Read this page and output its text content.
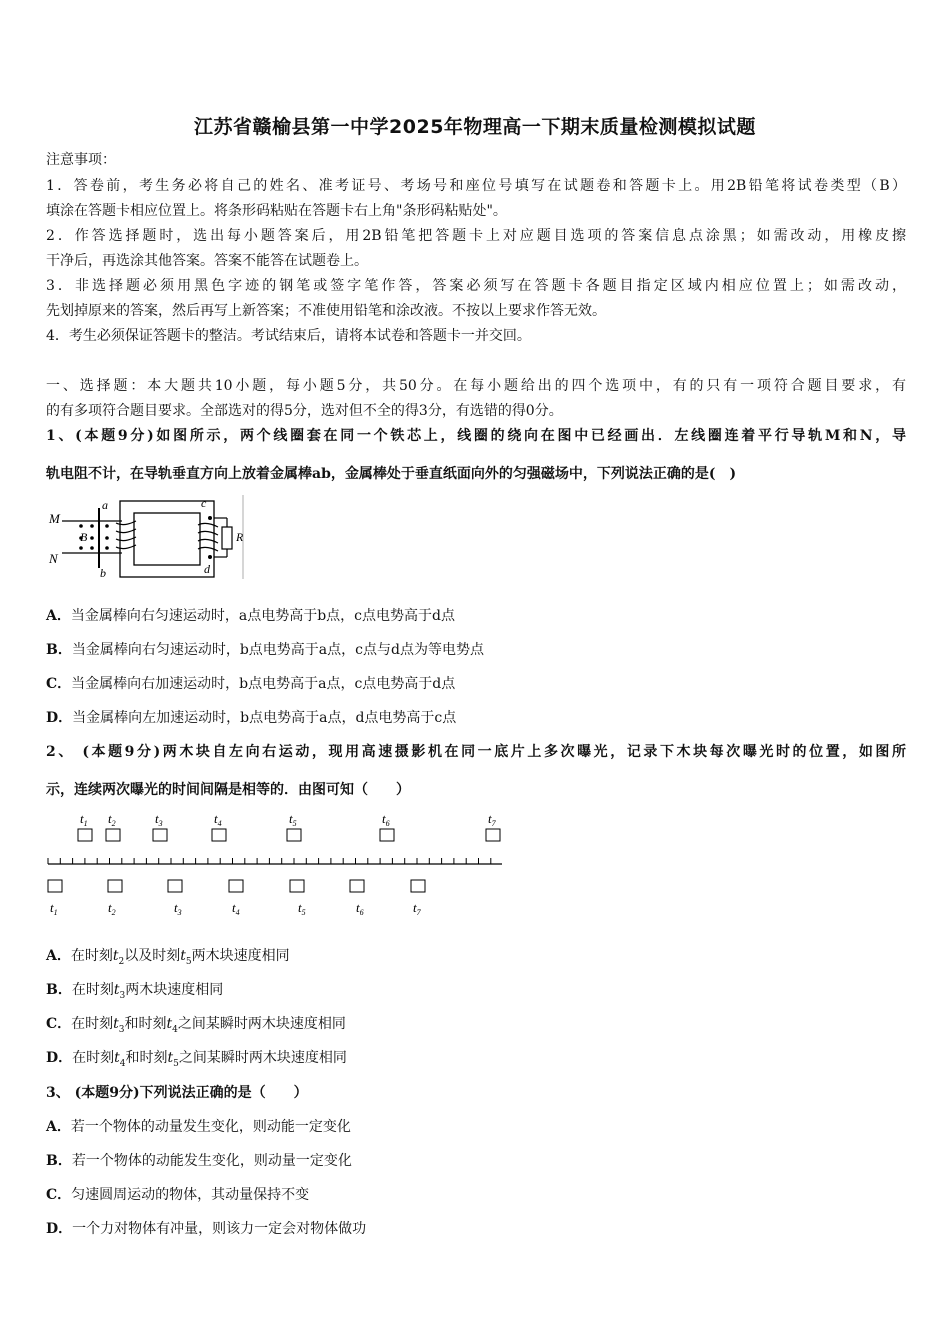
江苏省赣榆县第一中学2025年物理高一下期末质量检测模拟试题
注意事项：
1．答卷前，考生务必将自己的姓名、准考证号、考场号和座位号填写在试题卷和答题卡上。用2B铅笔将试卷类型（B）
填涂在答题卡相应位置上。将条形码粘贴在答题卡右上角"条形码粘贴处"。
2．作答选择题时，选出每小题答案后，用2B铅笔把答题卡上对应题目选项的答案信息点涂黑；如需改动，用橡皮擦
干净后，再选涂其他答案。答案不能答在试题卷上。
3．非选择题必须用黑色字迹的钢笔或签字笔作答，答案必须写在答题卡各题目指定区域内相应位置上；如需改动，
先划掉原来的答案，然后再写上新答案；不准使用铅笔和涂改液。不按以上要求作答无效。
4．考生必须保证答题卡的整洁。考试结束后，请将本试卷和答题卡一并交回。
一、选择题：本大题共10小题，每小题5分，共50分。在每小题给出的四个选项中，有的只有一项符合题目要求，有
的有多项符合题目要求。全部选对的得5分，选对但不全的得3分，有选错的得0分。
1、(本题9分)如图所示，两个线圈套在同一个铁芯上，线圈的绕向在图中已经画出．左线圈连着平行导轨M和N，导
轨电阻不计，在导轨垂直方向上放着金属棒ab，金属棒处于垂直纸面向外的匀强磁场中，下列说法正确的是(　)
M
N
B
a
b
R
c
d
A．当金属棒向右匀速运动时，a点电势高于b点，c点电势高于d点
B．当金属棒向右匀速运动时，b点电势高于a点，c点与d点为等电势点
C．当金属棒向右加速运动时，b点电势高于a点，c点电势高于d点
D．当金属棒向左加速运动时，b点电势高于a点，d点电势高于c点
2、 (本题9分)两木块自左向右运动，现用高速摄影机在同一底片上多次曝光，记录下木块每次曝光时的位置，如图所
示，连续两次曝光的时间间隔是相等的．由图可知（　　）
$t_1$ $t_2$	$t_3$	$t_4$	$t_5$	$t_6$	$t_7$
$t_1$	$t_2$	$t_3$	$t_4$	$t_5$	$t_6$	$t_7$
A．在时刻$t_2$以及时刻$t_5$两木块速度相同
B．在时刻$t_3$两木块速度相同
C．在时刻$t_3$和时刻$t_4$之间某瞬时两木块速度相同
D．在时刻$t_4$和时刻$t_5$之间某瞬时两木块速度相同
3、 (本题9分)下列说法正确的是（　　）
A．若一个物体的动量发生变化，则动能一定变化
B．若一个物体的动能发生变化，则动量一定变化
C．匀速圆周运动的物体，其动量保持不变
D．一个力对物体有冲量，则该力一定会对物体做功
